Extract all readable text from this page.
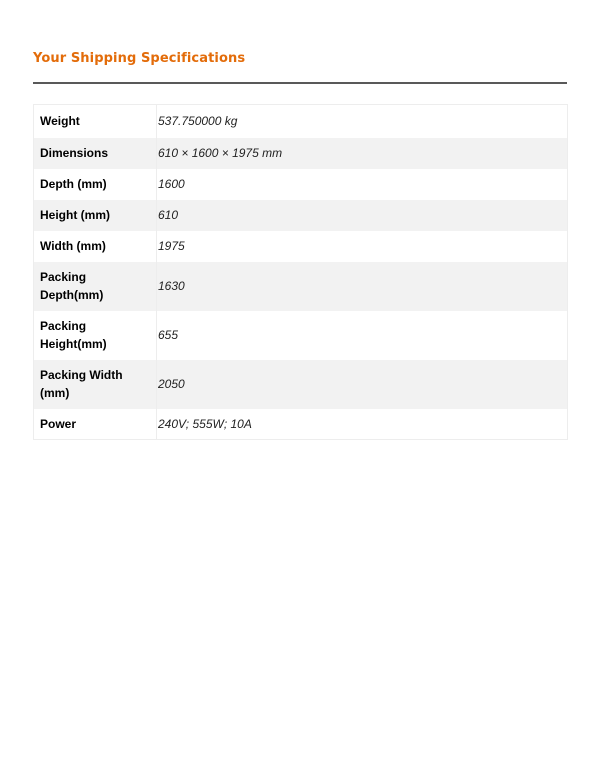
Your Shipping Specifications
Weight	537.750000 kg
Dimensions	610 × 1600 × 1975 mm
Depth (mm)	1600
Height (mm)	610
Width (mm)	1975
Packing Depth(mm)	1630
Packing Height(mm)	655
Packing Width (mm)	2050
Power	240V; 555W; 10A
